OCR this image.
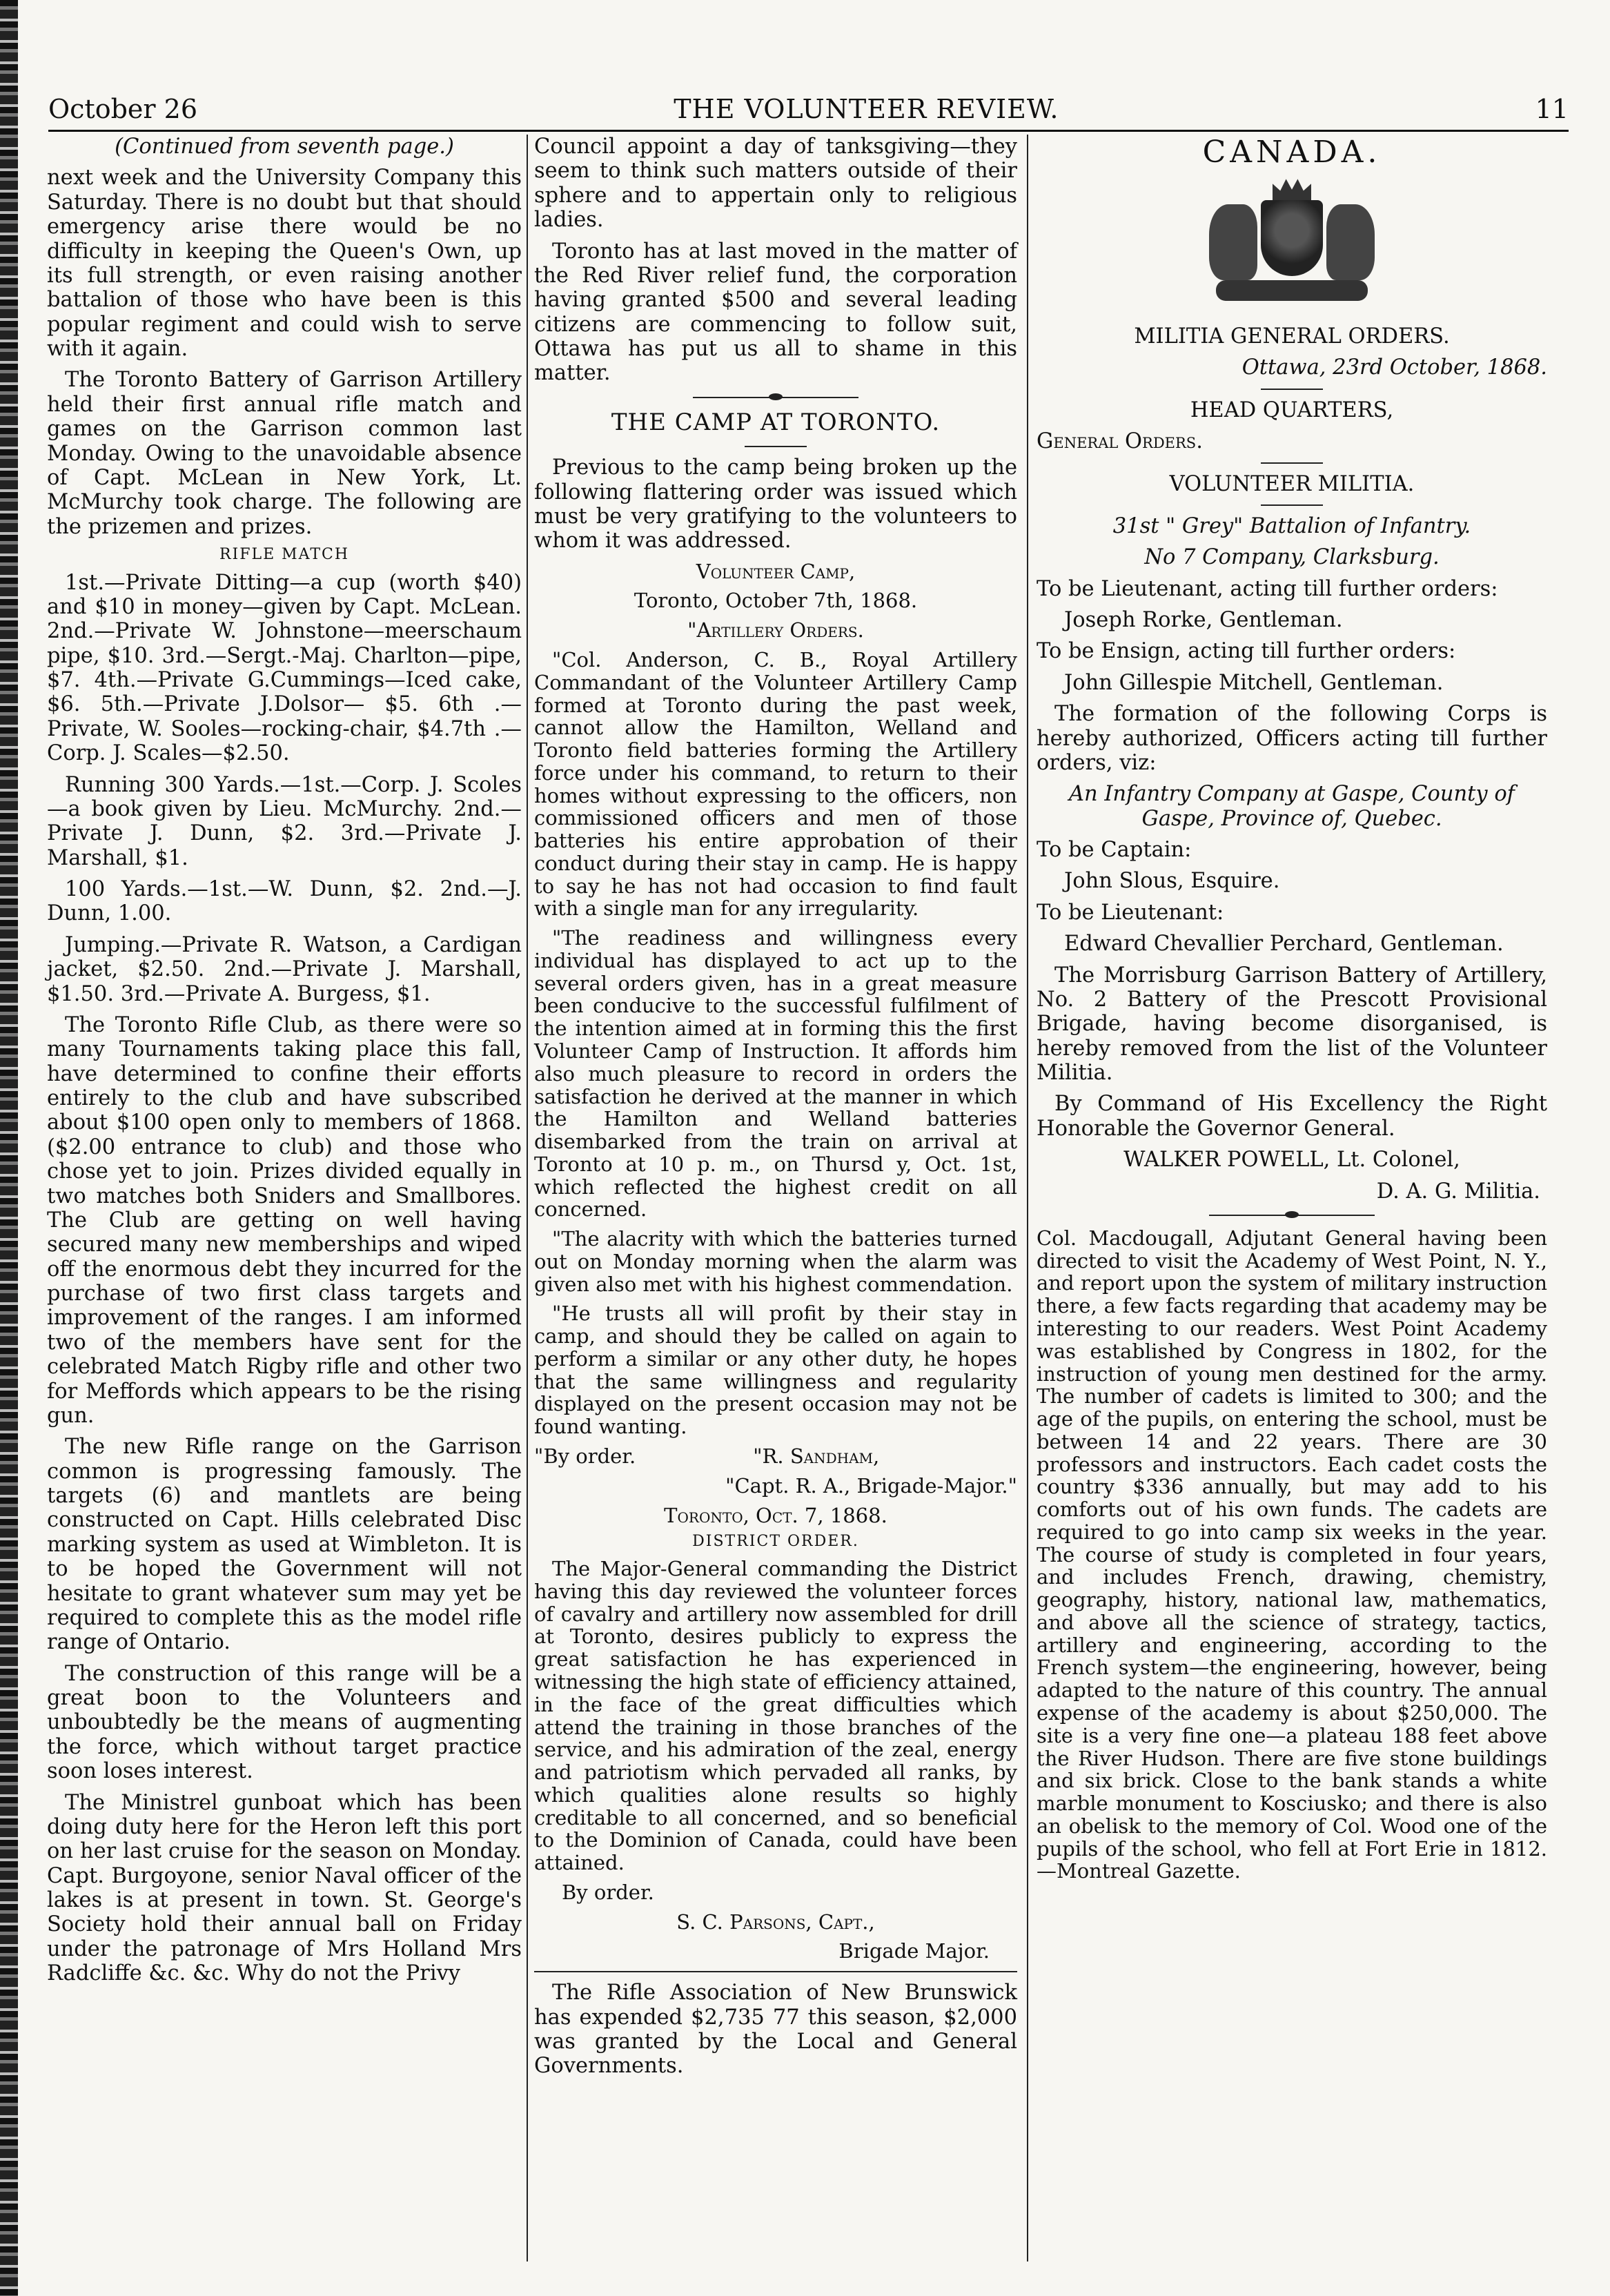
October 26	THE VOLUNTEER REVIEW.	11

(Continued from seventh page.)

next week and the University Company this Saturday. There is no doubt but that should emergency arise there would be no difficulty in keeping the Queen's Own, up its full strength, or even raising another battalion of those who have been is this popular regiment and could wish to serve with it again.

The Toronto Battery of Garrison Artillery held their first annual rifle match and games on the Garrison common last Monday. Owing to the unavoidable absence of Capt. McLean in New York, Lt. McMurchy took charge. The following are the prizemen and prizes.

RIFLE MATCH

1st.—Private Ditting—a cup (worth $40) and $10 in money—given by Capt. McLean. 2nd.—Private W. Johnstone—meerschaum pipe, $10. 3rd.—Sergt.-Maj. Charlton—pipe, $7. 4th.—Private G.Cummings—Iced cake, $6. 5th.—Private J.Dolsor— $5. 6th .—Private, W. Sooles—rocking-chair, $4.7th .—Corp. J. Scales—$2.50.

Running 300 Yards.—1st.—Corp. J. Scoles —a book given by Lieu. McMurchy. 2nd.—Private J. Dunn, $2. 3rd.—Private J. Marshall, $1.

100 Yards.—1st.—W. Dunn, $2. 2nd.—J. Dunn, 1.00.

Jumping.—Private R. Watson, a Cardigan jacket, $2.50. 2nd.—Private J. Marshall, $1.50. 3rd.—Private A. Burgess, $1.

The Toronto Rifle Club, as there were so many Tournaments taking place this fall, have determined to confine their efforts entirely to the club and have subscribed about $100 open only to members of 1868. ($2.00 entrance to club) and those who chose yet to join. Prizes divided equally in two matches both Sniders and Smallbores. The Club are getting on well having secured many new memberships and wiped off the enormous debt they incurred for the purchase of two first class targets and improvement of the ranges. I am informed two of the members have sent for the celebrated Match Rigby rifle and other two for Meffords which appears to be the rising gun.

The new Rifle range on the Garrison common is progressing famously. The targets (6) and mantlets are being constructed on Capt. Hills celebrated Disc marking system as used at Wimbleton. It is to be hoped the Government will not hesitate to grant whatever sum may yet be required to complete this as the model rifle range of Ontario.

The construction of this range will be a great boon to the Volunteers and unboubtedly be the means of augmenting the force, which without target practice soon loses interest.

The Ministrel gunboat which has been doing duty here for the Heron left this port on her last cruise for the season on Monday. Capt. Burgoyone, senior Naval officer of the lakes is at present in town. St. George's Society hold their annual ball on Friday under the patronage of Mrs Holland Mrs Radcliffe &c. &c. Why do not the Privy

Council appoint a day of tanksgiving—they seem to think such matters outside of their sphere and to appertain only to religious ladies.

Toronto has at last moved in the matter of the Red River relief fund, the corporation having granted $500 and several leading citizens are commencing to follow suit, Ottawa has put us all to shame in this matter.

THE CAMP AT TORONTO.

Previous to the camp being broken up the following flattering order was issued which must be very gratifying to the volunteers to whom it was addressed.

Volunteer Camp,

Toronto, October 7th, 1868.

"Artillery Orders.

"Col. Anderson, C. B., Royal Artillery Commandant of the Volunteer Artillery Camp formed at Toronto during the past week, cannot allow the Hamilton, Welland and Toronto field batteries forming the Artillery force under his command, to return to their homes without expressing to the officers, non commissioned officers and men of those batteries his entire approbation of their conduct during their stay in camp. He is happy to say he has not had occasion to find fault with a single man for any irregularity.

"The readiness and willingness every individual has displayed to act up to the several orders given, has in a great measure been conducive to the successful fulfilment of the intention aimed at in forming this the first Volunteer Camp of Instruction. It affords him also much pleasure to record in orders the satisfaction he derived at the manner in which the Hamilton and Welland batteries disembarked from the train on arrival at Toronto at 10 p. m., on Thursd y, Oct. 1st, which reflected the highest credit on all concerned.

"The alacrity with which the batteries turned out on Monday morning when the alarm was given also met with his highest commendation.

"He trusts all will profit by their stay in camp, and should they be called on again to perform a similar or any other duty, he hopes that the same willingness and regularity displayed on the present occasion may not be found wanting.

"By order.	"R. Sandham,

"Capt. R. A., Brigade-Major."

Toronto, Oct. 7, 1868.

DISTRICT ORDER.

The Major-General commanding the District having this day reviewed the volunteer forces of cavalry and artillery now assembled for drill at Toronto, desires publicly to express the great satisfaction he has experienced in witnessing the high state of efficiency attained, in the face of the great difficulties which attend the training in those branches of the service, and his admiration of the zeal, energy and patriotism which pervaded all ranks, by which qualities alone results so highly creditable to all concerned, and so beneficial to the Dominion of Canada, could have been attained.

By order.

S. C. Parsons, Capt.,

Brigade Major.

The Rifle Association of New Brunswick has expended $2,735 77 this season, $2,000 was granted by the Local and General Governments.

CANADA.

MILITIA GENERAL ORDERS.

Ottawa, 23rd October, 1868.

HEAD QUARTERS,

General Orders.

VOLUNTEER MILITIA.

31st " Grey" Battalion of Infantry.

No 7 Company, Clarksburg.

To be Lieutenant, acting till further orders:

Joseph Rorke, Gentleman.

To be Ensign, acting till further orders:

John Gillespie Mitchell, Gentleman.

The formation of the following Corps is hereby authorized, Officers acting till further orders, viz:

An Infantry Company at Gaspe, County of Gaspe, Province of, Quebec.

To be Captain:

John Slous, Esquire.

To be Lieutenant:

Edward Chevallier Perchard, Gentleman.

The Morrisburg Garrison Battery of Artillery, No. 2 Battery of the Prescott Provisional Brigade, having become disorganised, is hereby removed from the list of the Volunteer Militia.

By Command of His Excellency the Right Honorable the Governor General.

WALKER POWELL, Lt. Colonel,

D. A. G. Militia.

Col. Macdougall, Adjutant General having been directed to visit the Academy of West Point, N. Y., and report upon the system of military instruction there, a few facts regarding that academy may be interesting to our readers. West Point Academy was established by Congress in 1802, for the instruction of young men destined for the army. The number of cadets is limited to 300; and the age of the pupils, on entering the school, must be between 14 and 22 years. There are 30 professors and instructors. Each cadet costs the country $336 annually, but may add to his comforts out of his own funds. The cadets are required to go into camp six weeks in the year. The course of study is completed in four years, and includes French, drawing, chemistry, geography, history, national law, mathematics, and above all the science of strategy, tactics, artillery and engineering, according to the French system—the engineering, however, being adapted to the nature of this country. The annual expense of the academy is about $250,000. The site is a very fine one—a plateau 188 feet above the River Hudson. There are five stone buildings and six brick. Close to the bank stands a white marble monument to Kosciusko; and there is also an obelisk to the memory of Col. Wood one of the pupils of the school, who fell at Fort Erie in 1812.—Montreal Gazette.
